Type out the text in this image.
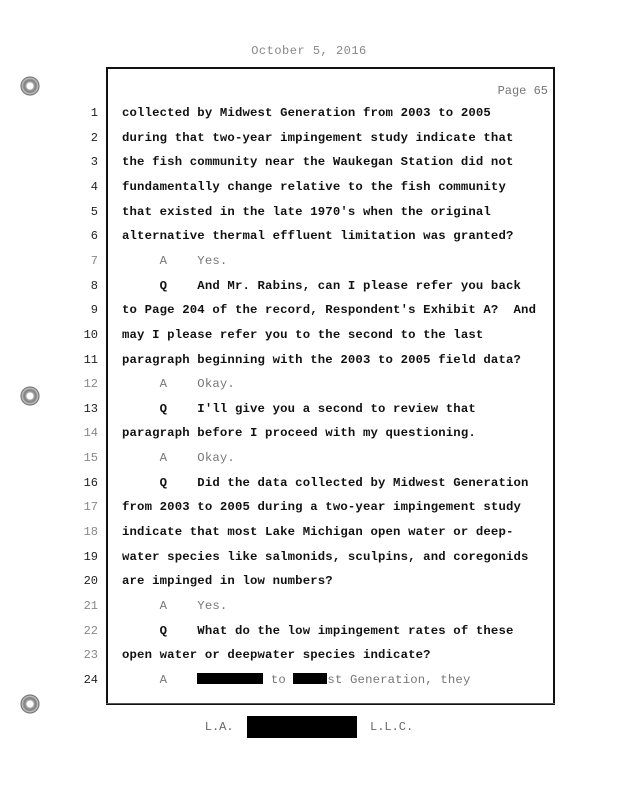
October 5, 2016
Page 65
1 collected by Midwest Generation from 2003 to 2005
2 during that two-year impingement study indicate that
3 the fish community near the Waukegan Station did not
4 fundamentally change relative to the fish community
5 that existed in the late 1970's when the original
6 alternative thermal effluent limitation was granted?
7 A    Yes.
8 Q    And Mr. Rabins, can I please refer you back
9 to Page 204 of the record, Respondent's Exhibit A?  And
10 may I please refer you to the second to the last
11 paragraph beginning with the 2003 to 2005 field data?
12 A    Okay.
13 Q    I'll give you a second to review that
14 paragraph before I proceed with my questioning.
15 A    Okay.
16 Q    Did the data collected by Midwest Generation
17 from 2003 to 2005 during a two-year impingement study
18 indicate that most Lake Michigan open water or deep-
19 water species like salmonids, sculpins, and coregonids
20 are impinged in low numbers?
21 A    Yes.
22 Q    What do the low impingement rates of these
23 open water or deepwater species indicate?
24 A	to	st Generation, they
L.A.	L.L.C.
